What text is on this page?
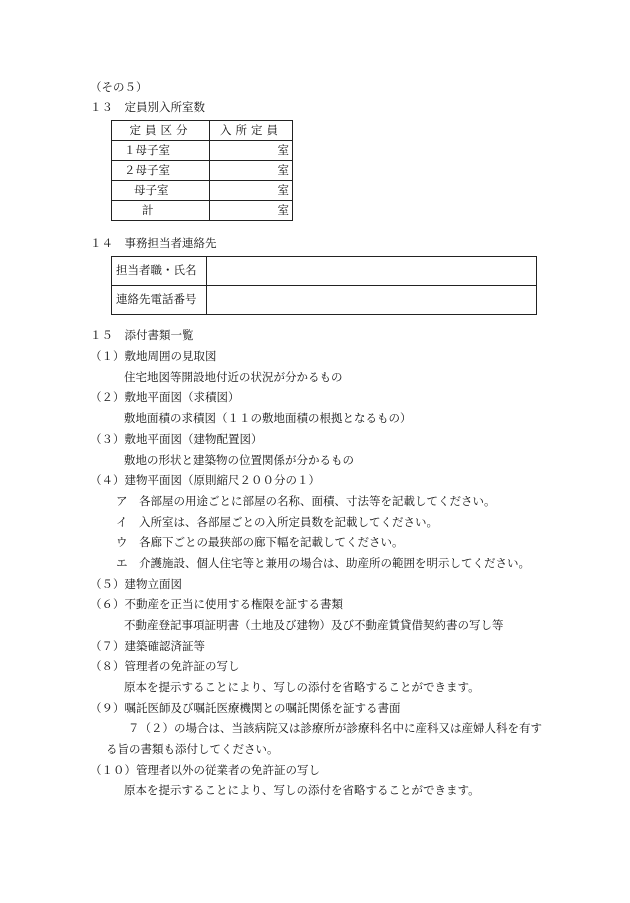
（その５）
１３　定員別入所室数
定員区分	入所定員
１母子室	室
２母子室	室
母子室	室
計	室
１４　事務担当者連絡先
担当者職・氏名	
連絡先電話番号	
１５　添付書類一覧
（１）敷地周囲の見取図
住宅地図等開設地付近の状況が分かるもの
（２）敷地平面図（求積図）
敷地面積の求積図（１１の敷地面積の根拠となるもの）
（３）敷地平面図（建物配置図）
敷地の形状と建築物の位置関係が分かるもの
（４）建物平面図（原則縮尺２００分の１）
ア　各部屋の用途ごとに部屋の名称、面積、寸法等を記載してください。
イ　入所室は、各部屋ごとの入所定員数を記載してください。
ウ　各廊下ごとの最狭部の廊下幅を記載してください。
エ　介護施設、個人住宅等と兼用の場合は、助産所の範囲を明示してください。
（５）建物立面図
（６）不動産を正当に使用する権限を証する書類
不動産登記事項証明書（土地及び建物）及び不動産賃貸借契約書の写し等
（７）建築確認済証等
（８）管理者の免許証の写し
原本を提示することにより、写しの添付を省略することができます。
（９）嘱託医師及び嘱託医療機関との嘱託関係を証する書面
７（２）の場合は、当該病院又は診療所が診療科名中に産科又は産婦人科を有す
る旨の書類も添付してください。
（１０）管理者以外の従業者の免許証の写し
原本を提示することにより、写しの添付を省略することができます。
